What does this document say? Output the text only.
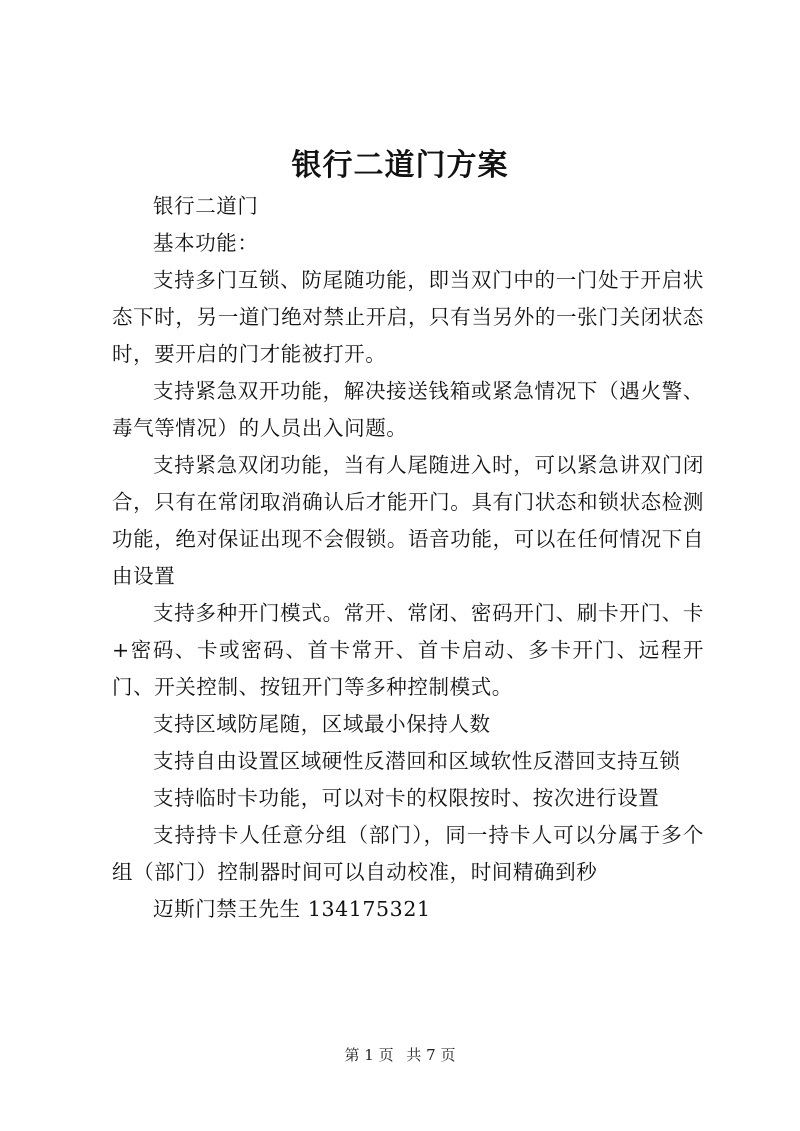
银行二道门方案

银行二道门

基本功能：

支持多门互锁、防尾随功能，即当双门中的一门处于开启状态下时，另一道门绝对禁止开启，只有当另外的一张门关闭状态时，要开启的门才能被打开。

支持紧急双开功能，解决接送钱箱或紧急情况下（遇火警、毒气等情况）的人员出入问题。

支持紧急双闭功能，当有人尾随进入时，可以紧急讲双门闭合，只有在常闭取消确认后才能开门。具有门状态和锁状态检测功能，绝对保证出现不会假锁。语音功能，可以在任何情况下自由设置

支持多种开门模式。常开、常闭、密码开门、刷卡开门、卡+密码、卡或密码、首卡常开、首卡启动、多卡开门、远程开门、开关控制、按钮开门等多种控制模式。

支持区域防尾随，区域最小保持人数

支持自由设置区域硬性反潜回和区域软性反潜回支持互锁

支持临时卡功能，可以对卡的权限按时、按次进行设置

支持持卡人任意分组（部门），同一持卡人可以分属于多个组（部门）控制器时间可以自动校准，时间精确到秒

迈斯门禁王先生 134175321

第 1 页 共 7 页
